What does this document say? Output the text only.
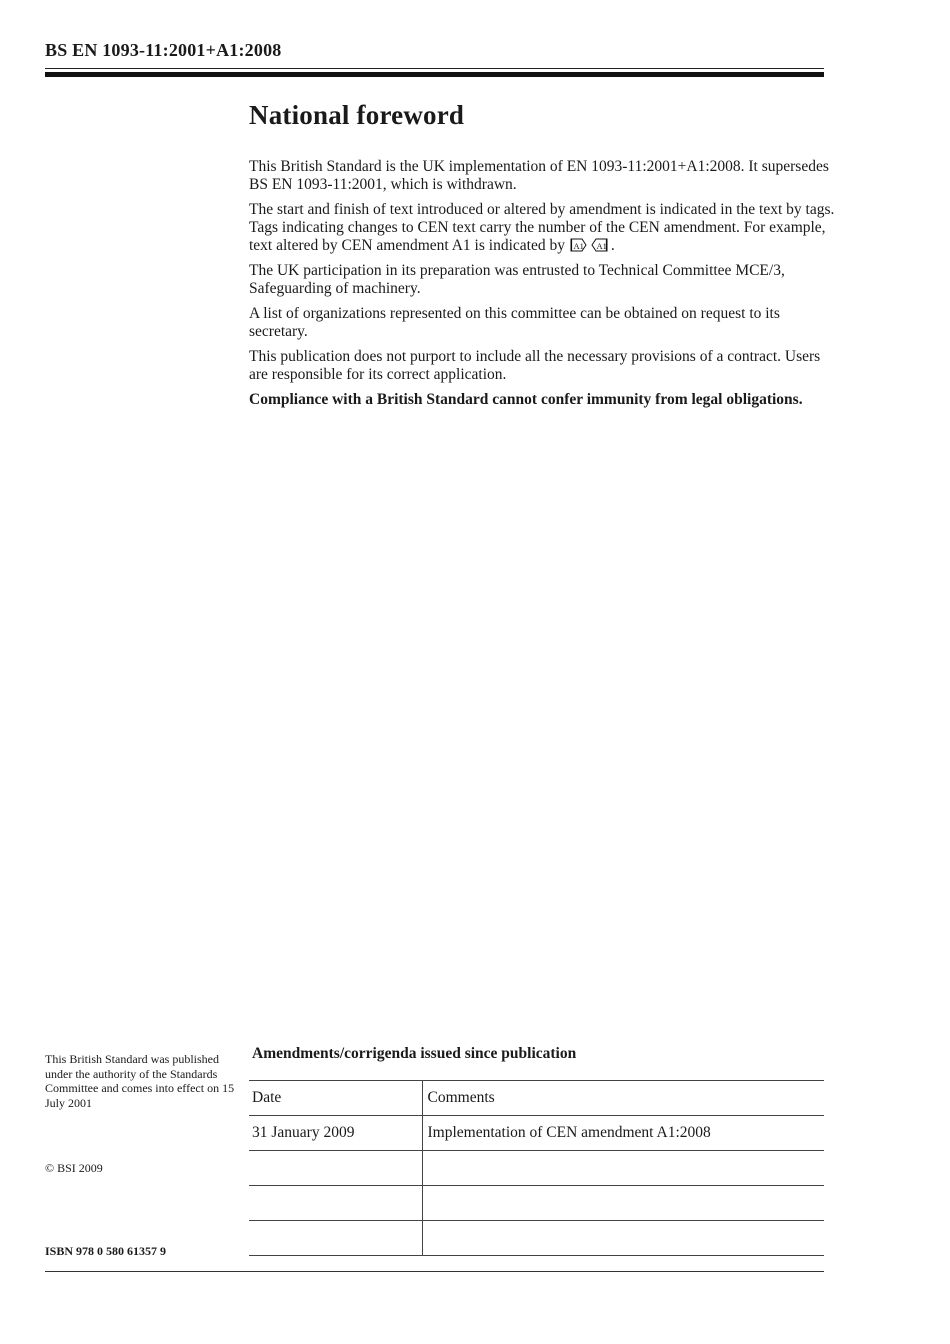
BS EN 1093-11:2001+A1:2008
National foreword

This British Standard is the UK implementation of EN 1093-11:2001+A1:2008. It supersedes BS EN 1093-11:2001, which is withdrawn.

The start and finish of text introduced or altered by amendment is indicated in the text by tags. Tags indicating changes to CEN text carry the number of the CEN amendment. For example, text altered by CEN amendment A1 is indicated by A1 A1 .

The UK participation in its preparation was entrusted to Technical Committee MCE/3, Safeguarding of machinery.

A list of organizations represented on this committee can be obtained on request to its secretary.

This publication does not purport to include all the necessary provisions of a contract. Users are responsible for its correct application.

Compliance with a British Standard cannot confer immunity from legal obligations.

This British Standard was published under the authority of the Standards Committee and comes into effect on 15 July 2001
© BSI 2009
ISBN 978 0 580 61357 9
Amendments/corrigenda issued since publication
Date	Comments
31 January 2009	Implementation of CEN amendment A1:2008
